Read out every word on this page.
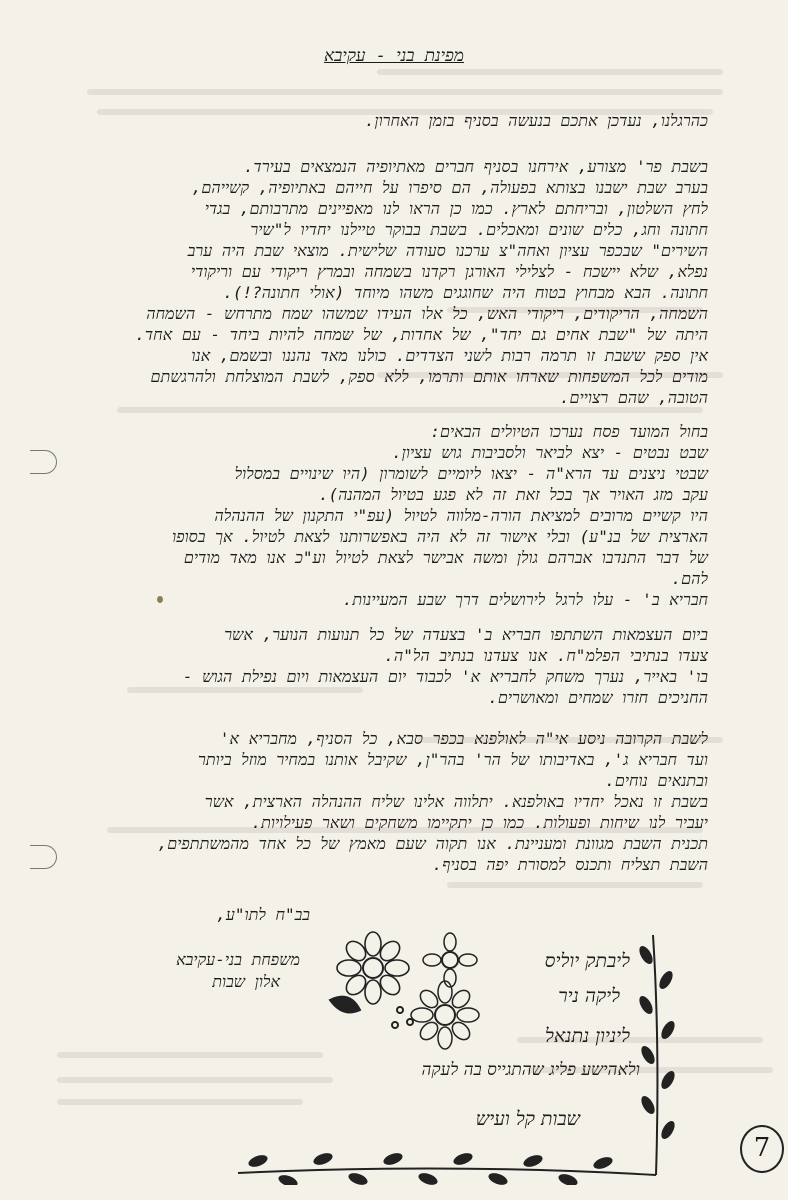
מפינת בני - עקיבא
כהרגלנו, נעדכן אתכם בנעשה בסניף בזמן האחרון.
בשבת פר' מצורע, אירחנו בסניף חברים מאתיופיה הנמצאים בעירד.
בערב שבת ישבנו בצותא בפעולה, הם סיפרו על חייהם באתיופיה, קשייהם,
לחץ השלטון, ובריחתם לארץ. כמו כן הראו לנו מאפיינים מתרבותם, בגדי
חתונה וחג, כלים שונים ומאכלים. בשבת בבוקר טיילנו יחדיו ל"שיר
השירים" שבכפר עציון ואחה"צ ערכנו סעודה שלישית. מוצאי שבת היה ערב
נפלא, שלא יישכח - לצלילי האורגן רקדנו בשמחה ובמרץ ריקודי עם וריקודי
חתונה. הבא מבחוץ בטוח היה שחוגגים משהו מיוחד (אולי חתונה?!).
השמחה, הריקודים, ריקודי האש, כל אלו העידו שמשהו שמח מתרחש - השמחה
היתה של "שבת אחים גם יחד", של אחדות, של שמחה להיות ביחד - עם אחד.
אין ספק ששבת זו תרמה רבות לשני הצדדים. כולנו מאד נהננו ובשמם, אנו
מודים לכל המשפחות שארחו אותם ותרמו, ללא ספק, לשבת המוצלחת ולהרגשתם
הטובה, שהם רצויים.
בחול המועד פסח נערכו הטיולים הבאים:
שבט נבטים - יצא לביאר ולסביבות גוש עציון.
שבטי ניצנים עד הרא"ה - יצאו ליומיים לשומרון (היו שינויים במסלול
עקב מזג האויר אך בכל זאת זה לא פגע בטיול המהנה).
היו קשיים מרובים למציאת הורה-מלווה לטיול (עפ"י התקנון של ההנהלה
הארצית של בנ"ע) ובלי אישור זה לא היה באפשרותנו לצאת לטיול. אך בסופו
של דבר התנדבו אברהם גולן ומשה אבישר לצאת לטיול וע"כ אנו מאד מודים
להם.
חבריא ב' - עלו לרגל לירושלים דרך שבע המעיינות.
ביום העצמאות השתתפו חבריא ב' בצעדה של כל תנועות הנוער, אשר
צעדו בנתיבי הפלמ"ח. אנו צעדנו בנתיב הל"ה.
בו' באייר, נערך משחק לחבריא א' לכבוד יום העצמאות ויום נפילת הגוש -
החניכים חזרו שמחים ומאושרים.
לשבת הקרובה ניסע אי"ה לאולפנא בכפר סבא, כל הסניף, מחבריא א'
ועד חבריא ג', באדיבותו של הר' בהר"ן, שקיבל אותנו במחיר מוזל ביותר
ובתנאים נוחים.
בשבת זו נאכל יחדיו באולפנא. יתלווה אלינו שליח ההנהלה הארצית, אשר
יעביר לנו שיחות ופעולות. כמו כן יתקיימו משחקים ושאר פעילויות.
תכנית השבת מגוונת ומעניינת. אנו תקוה שעם מאמץ של כל אחד מהמשתתפים,
השבת תצליח ותכנס למסורת יפה בסניף.
בב"ח לתו"ע,
משפחת בני-עקיבא
אלון שבות
ליבתק יוליס
ליקה ניר
ליניון נתנאל
ולאהישע פליג שהתגייס בה לעקה
שבות קל ועיש
7
